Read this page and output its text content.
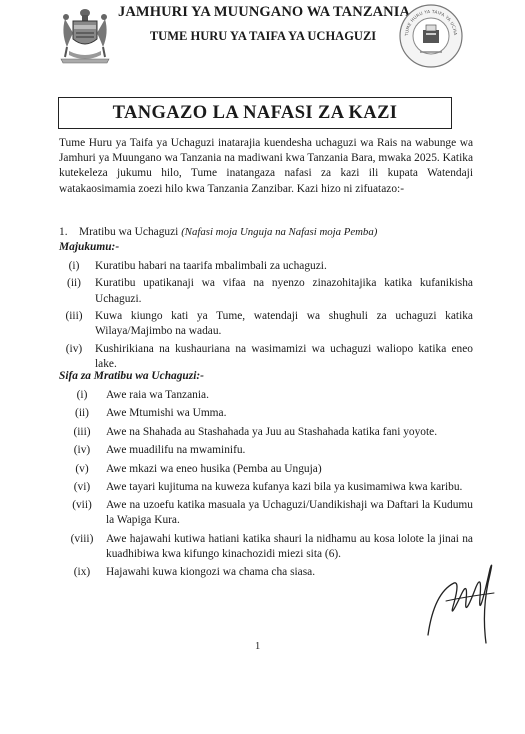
JAMHURI YA MUUNGANO WA TANZANIA
TUME HURU YA TAIFA YA UCHAGUZI	TUME HURU YA TAIFA YA UCHA
TANGAZO LA NAFASI ZA KAZI

Tume Huru ya Taifa ya Uchaguzi inatarajia kuendesha uchaguzi wa Rais na wabunge wa Jamhuri ya Muungano wa Tanzania na madiwani kwa Tanzania Bara, mwaka 2025. Katika kutekeleza jukumu hilo, Tume inatangaza nafasi za kazi ili kupata Watendaji watakaosimamia zoezi hilo kwa Tanzania Zanzibar. Kazi hizo ni zifuatazo:-

1. Mratibu wa Uchaguzi (Nafasi moja Unguja na Nafasi moja Pemba)
Majukumu:-
(i)	Kuratibu habari na taarifa mbalimbali za uchaguzi.
(ii)	Kuratibu upatikanaji wa vifaa na nyenzo zinazohitajika katika kufanikisha Uchaguzi.
(iii)	Kuwa kiungo kati ya Tume, watendaji wa shughuli za uchaguzi katika Wilaya/Majimbo na wadau.
(iv)	Kushirikiana na kushauriana na wasimamizi wa uchaguzi waliopo katika eneo lake.
Sifa za Mratibu wa Uchaguzi:-
(i)	Awe raia wa Tanzania.
(ii)	Awe Mtumishi wa Umma.
(iii)	Awe na Shahada au Stashahada ya Juu au Stashahada katika fani yoyote.
(iv)	Awe muadilifu na mwaminifu.
(v)	Awe mkazi wa eneo husika (Pemba au Unguja)
(vi)	Awe tayari kujituma na kuweza kufanya kazi bila ya kusimamiwa kwa karibu.
(vii)	Awe na uzoefu katika masuala ya Uchaguzi/Uandikishaji wa Daftari la Kudumu la Wapiga Kura.
(viii)	Awe hajawahi kutiwa hatiani katika shauri la nidhamu au kosa lolote la jinai na kuadhibiwa kwa kifungo kinachozidi miezi sita (6).
(ix)	Hajawahi kuwa kiongozi wa chama cha siasa.
1
